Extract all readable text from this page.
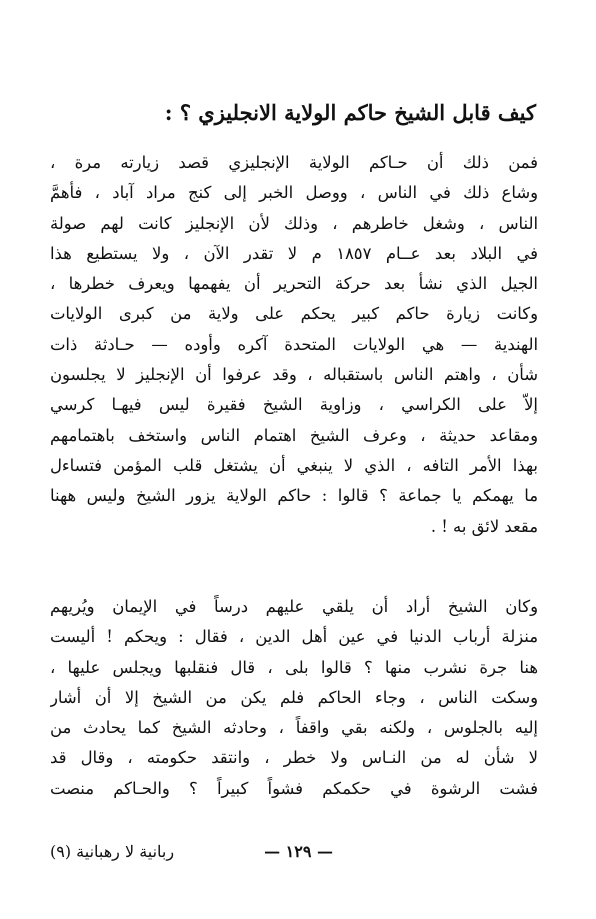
كيف قابل الشيخ حاكم الولاية الانجليزي ؟ :
فمن ذلك أن حـاكم الولاية الإنجليزي قصد زيارته مرة ،
وشاع ذلك في الناس ، ووصل الخبر إلى كنج مراد آباد ، فأهمَّ
الناس ، وشغل خاطرهم ، وذلك لأن الإنجليز كانت لهم صولة
في البلاد بعد عــام ١٨٥٧ م لا تقدر الآن ، ولا يستطيع هذا
الجيل الذي نشأ بعد حركة التحرير أن يفهمها ويعرف خطرها ،
وكانت زيارة حاكم كبير يحكم على ولاية من كبرى الولايات
الهندية — هي الولايات المتحدة آكره وأوده — حـادثة ذات
شأن ، واهتم الناس باستقباله ، وقد عرفوا أن الإنجليز لا يجلسون
إلاّ على الكراسي ، وزاوية الشيخ فقيرة ليس فيهـا كرسي
ومقاعد حديثة ، وعرف الشيخ اهتمام الناس واستخف باهتمامهم
بهذا الأمر التافه ، الذي لا ينبغي أن يشتغل قلب المؤمن فتساءل
ما يهمكم يا جماعة ؟ قالوا : حاكم الولاية يزور الشيخ وليس ههنا
مقعد لائق به ! .
وكان الشيخ أراد أن يلقي عليهم درساً في الإيمان ويُريهم
منزلة أرباب الدنيا في عين أهل الدين ، فقال : ويحكم ! أليست
هنا جرة نشرب منها ؟ قالوا بلى ، قال فنقلبها ويجلس عليها ،
وسكت الناس ، وجاء الحاكم فلم يكن من الشيخ إلا أن أشار
إليه بالجلوس ، ولكنه بقي واقفاً ، وحادثه الشيخ كما يحادث من
لا شأن له من النـاس ولا خطر ، وانتقد حكومته ، وقال قد
فشت الرشوة في حكمكم فشواً كبيراً ؟ والحـاكم منصت
— ١٢٩ —
ربانية لا رهبانية (٩)
